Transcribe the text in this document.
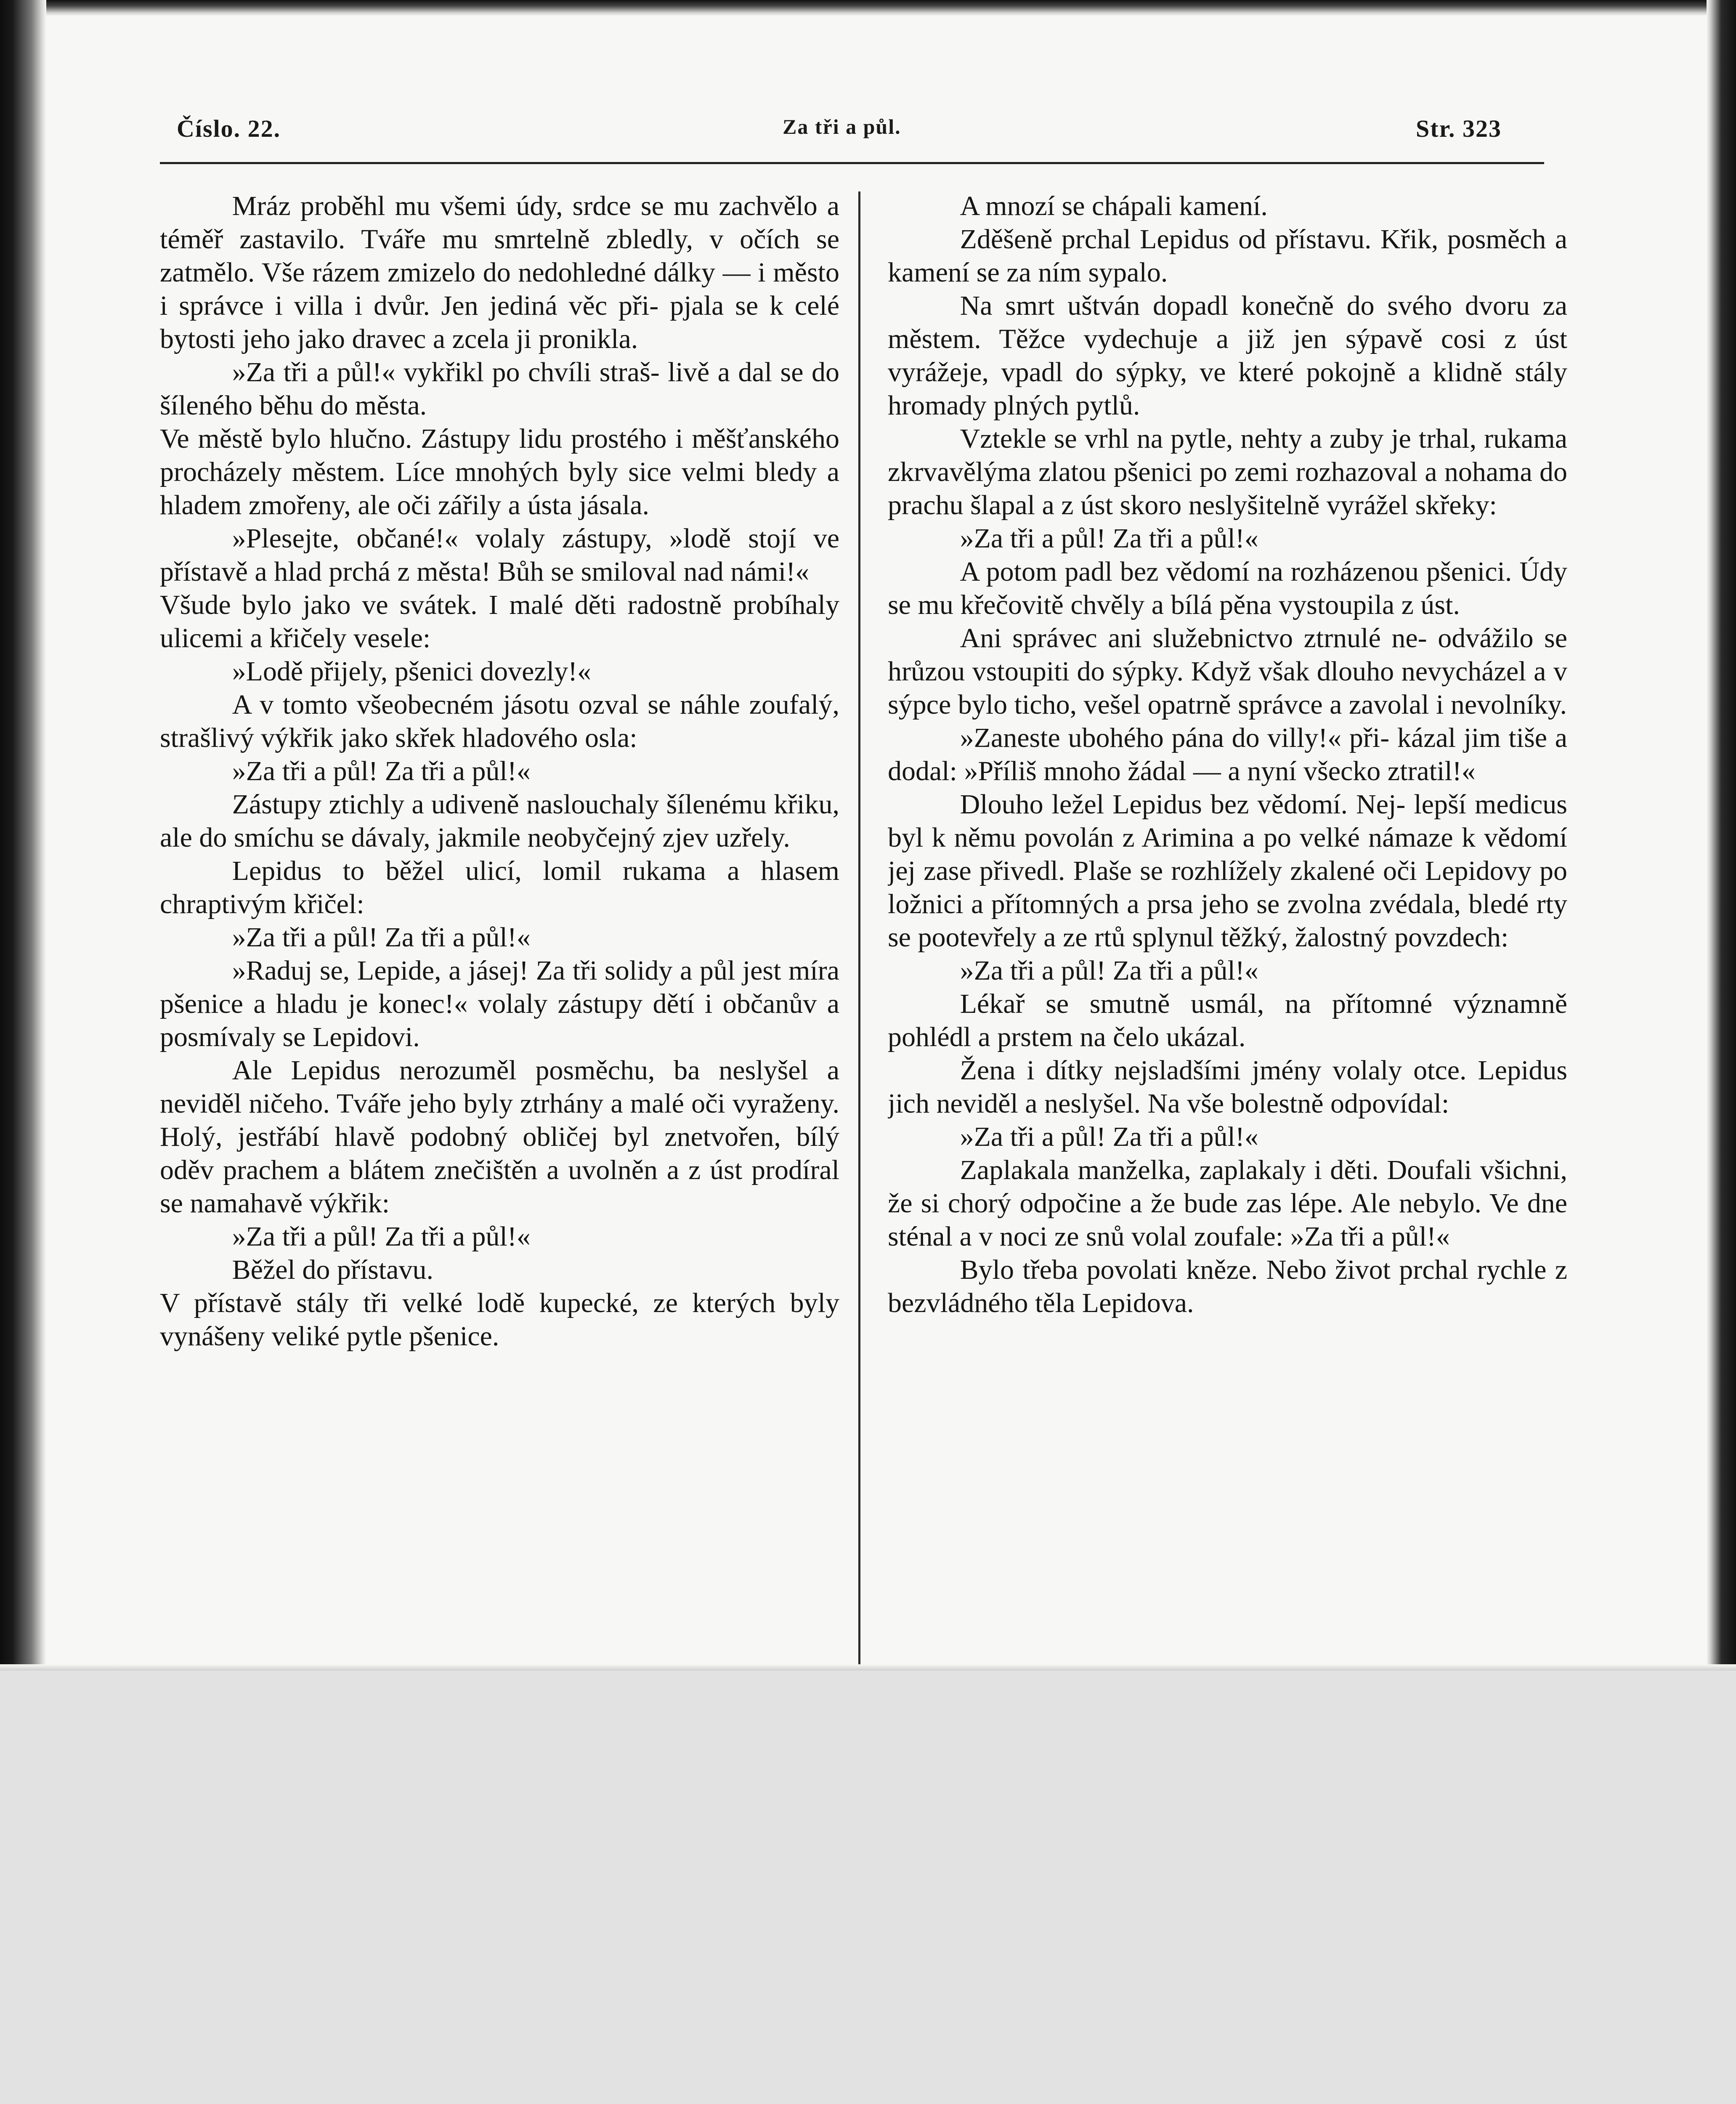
Číslo. 22.	Za tři a půl.	Str. 323

Mráz proběhl mu všemi údy, srdce se mu zachvělo a téměř zastavilo. Tváře mu smrtelně zbledly, v očích se zatmělo. Vše rázem zmizelo do nedohledné dálky — i město i správce i villa i dvůr. Jen jediná věc při- pjala se k celé bytosti jeho jako dravec a zcela ji pronikla.

»Za tři a půl!« vykřikl po chvíli straš- livě a dal se do šíleného běhu do města.

Ve městě bylo hlučno. Zástupy lidu prostého i měšťanského procházely městem. Líce mnohých byly sice velmi bledy a hladem zmořeny, ale oči zářily a ústa jásala.

»Plesejte, občané!« volaly zástupy, »lodě stojí ve přístavě a hlad prchá z města! Bůh se smiloval nad námi!«

Všude bylo jako ve svátek. I malé děti radostně probíhaly ulicemi a křičely vesele:

»Lodě přijely, pšenici dovezly!«

A v tomto všeobecném jásotu ozval se náhle zoufalý, strašlivý výkřik jako skřek hladového osla:

»Za tři a půl! Za tři a půl!«

Zástupy ztichly a udiveně naslouchaly šílenému křiku, ale do smíchu se dávaly, jakmile neobyčejný zjev uzřely.

Lepidus to běžel ulicí, lomil rukama a hlasem chraptivým křičel:

»Za tři a půl! Za tři a půl!«

»Raduj se, Lepide, a jásej! Za tři solidy a půl jest míra pšenice a hladu je konec!« volaly zástupy dětí i občanův a posmívaly se Lepidovi.

Ale Lepidus nerozuměl posměchu, ba neslyšel a neviděl ničeho. Tváře jeho byly ztrhány a malé oči vyraženy. Holý, jestřábí hlavě podobný obličej byl znetvořen, bílý oděv prachem a blátem znečištěn a uvolněn a z úst prodíral se namahavě výkřik:

»Za tři a půl! Za tři a půl!«

Běžel do přístavu.

V přístavě stály tři velké lodě kupecké, ze kterých byly vynášeny veliké pytle pšenice.

A mnozí se chápali kamení.

Zděšeně prchal Lepidus od přístavu. Křik, posměch a kamení se za ním sypalo.

Na smrt uštván dopadl konečně do svého dvoru za městem. Těžce vydechuje a již jen sýpavě cosi z úst vyrážeje, vpadl do sýpky, ve které pokojně a klidně stály hromady plných pytlů.

Vztekle se vrhl na pytle, nehty a zuby je trhal, rukama zkrvavělýma zlatou pšenici po zemi rozhazoval a nohama do prachu šlapal a z úst skoro neslyšitelně vyrážel skřeky:

»Za tři a půl! Za tři a půl!«

A potom padl bez vědomí na rozházenou pšenici. Údy se mu křečovitě chvěly a bílá pěna vystoupila z úst.

Ani správec ani služebnictvo ztrnulé ne- odvážilo se hrůzou vstoupiti do sýpky. Když však dlouho nevycházel a v sýpce bylo ticho, vešel opatrně správce a zavolal i nevolníky.

»Zaneste ubohého pána do villy!« při- kázal jim tiše a dodal: »Příliš mnoho žádal — a nyní všecko ztratil!«

Dlouho ležel Lepidus bez vědomí. Nej- lepší medicus byl k němu povolán z Arimina a po velké námaze k vědomí jej zase přivedl. Plaše se rozhlížely zkalené oči Lepidovy po ložnici a přítomných a prsa jeho se zvolna zvédala, bledé rty se pootevřely a ze rtů splynul těžký, žalostný povzdech:

»Za tři a půl! Za tři a půl!«

Lékař se smutně usmál, na přítomné významně pohlédl a prstem na čelo ukázal.

Žena i dítky nejsladšími jmény volaly otce. Lepidus jich neviděl a neslyšel. Na vše bolestně odpovídal:

»Za tři a půl! Za tři a půl!«

Zaplakala manželka, zaplakaly i děti. Doufali všichni, že si chorý odpočine a že bude zas lépe. Ale nebylo. Ve dne sténal a v noci ze snů volal zoufale: »Za tři a půl!«

Bylo třeba povolati kněze. Nebo život prchal rychle z bezvládného těla Lepidova.
